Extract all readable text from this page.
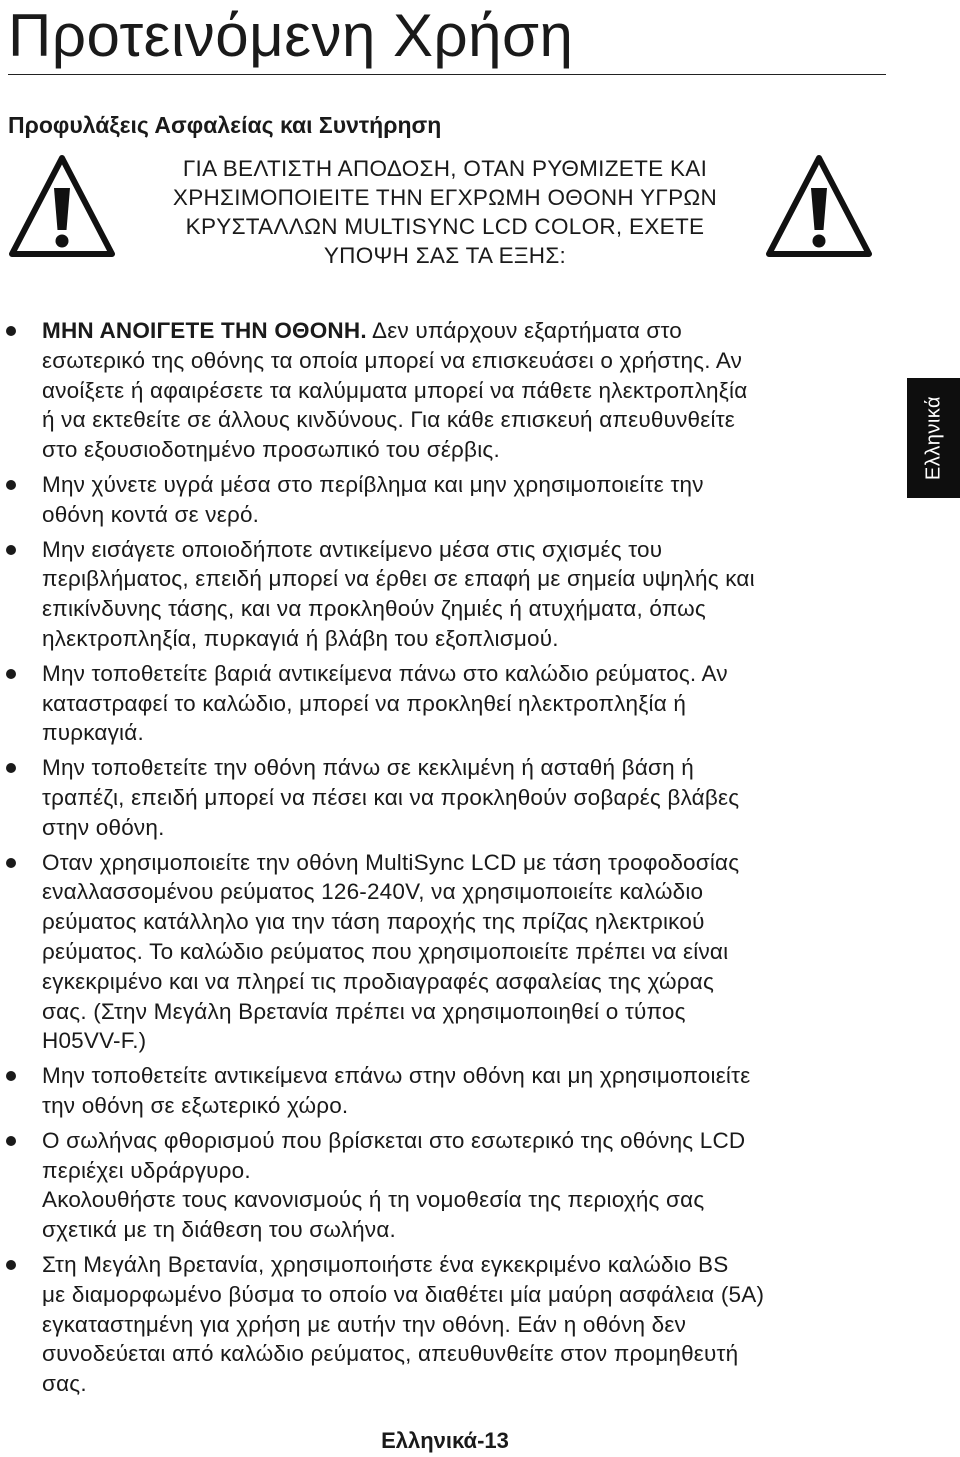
Προτεινόμενη Χρήση
Προφυλάξεις Ασφαλείας και Συντήρηση
ΓΙΑ ΒΕΛΤΙΣΤΗ ΑΠΟΔΟΣΗ, ΟΤΑΝ ΡΥΘΜΙΖΕΤΕ ΚΑΙ
ΧΡΗΣΙΜΟΠΟΙΕΙΤΕ ΤΗΝ ΕΓΧΡΩΜΗ ΟΘΟΝΗ ΥΓΡΩΝ
ΚΡΥΣΤΑΛΛΩΝ MULTISYNC LCD COLOR, ΕΧΕΤΕ
ΥΠΟΨΗ ΣΑΣ ΤΑ ΕΞΗΣ:
ΜΗΝ ΑΝΟΙΓΕΤΕ ΤΗΝ ΟΘΟΝΗ. Δεν υπάρχουν εξαρτήματα στο
εσωτερικό της οθόνης τα οποία μπορεί να επισκευάσει ο χρήστης. Αν
ανοίξετε ή αφαιρέσετε τα καλύμματα μπορεί να πάθετε ηλεκτροπληξία
ή να εκτεθείτε σε άλλους κινδύνους. Για κάθε επισκευή απευθυνθείτε
στο εξουσιοδοτημένο προσωπικό του σέρβις.
Μην χύνετε υγρά μέσα στο περίβλημα και μην χρησιμοποιείτε την
οθόνη κοντά σε νερό.
Μην εισάγετε οποιοδήποτε αντικείμενο μέσα στις σχισμές του
περιβλήματος, επειδή μπορεί να έρθει σε επαφή με σημεία υψηλής και
επικίνδυνης τάσης, και να προκληθούν ζημιές ή ατυχήματα, όπως
ηλεκτροπληξία, πυρκαγιά ή βλάβη του εξοπλισμού.
Μην τοποθετείτε βαριά αντικείμενα πάνω στο καλώδιο ρεύματος. Αν
καταστραφεί το καλώδιο, μπορεί να προκληθεί ηλεκτροπληξία ή
πυρκαγιά.
Μην τοποθετείτε την οθόνη πάνω σε κεκλιμένη ή ασταθή βάση ή
τραπέζι, επειδή μπορεί να πέσει και να προκληθούν σοβαρές βλάβες
στην οθόνη.
Οταν χρησιμοποιείτε την οθόνη MultiSync LCD με τάση τροφοδοσίας
εναλλασσομένου ρεύματος 126-240V, να χρησιμοποιείτε καλώδιο
ρεύματος κατάλληλο για την τάση παροχής της πρίζας ηλεκτρικού
ρεύματος. Το καλώδιο ρεύματος που χρησιμοποιείτε πρέπει να είναι
εγκεκριμένο και να πληρεί τις προδιαγραφές ασφαλείας της χώρας
σας. (Στην Μεγάλη Βρετανία πρέπει να χρησιμοποιηθεί ο τύπος
H05VV-F.)
Μην τοποθετείτε αντικείμενα επάνω στην οθόνη και μη χρησιμοποιείτε
την οθόνη σε εξωτερικό χώρο.
Ο σωλήνας φθορισμού που βρίσκεται στο εσωτερικό της οθόνης LCD
περιέχει υδράργυρο.
Ακολουθήστε τους κανονισμούς ή τη νομοθεσία της περιοχής σας
σχετικά με τη διάθεση του σωλήνα.
Στη Μεγάλη Βρετανία, χρησιμοποιήστε ένα εγκεκριμένο καλώδιο BS
με διαμορφωμένο βύσμα το οποίο να διαθέτει μία μαύρη ασφάλεια (5A)
εγκαταστημένη για χρήση με αυτήν την οθόνη. Εάν η οθόνη δεν
συνοδεύεται από καλώδιο ρεύματος, απευθυνθείτε στον προμηθευτή
σας.
Ελληνικά
Ελληνικά-13
